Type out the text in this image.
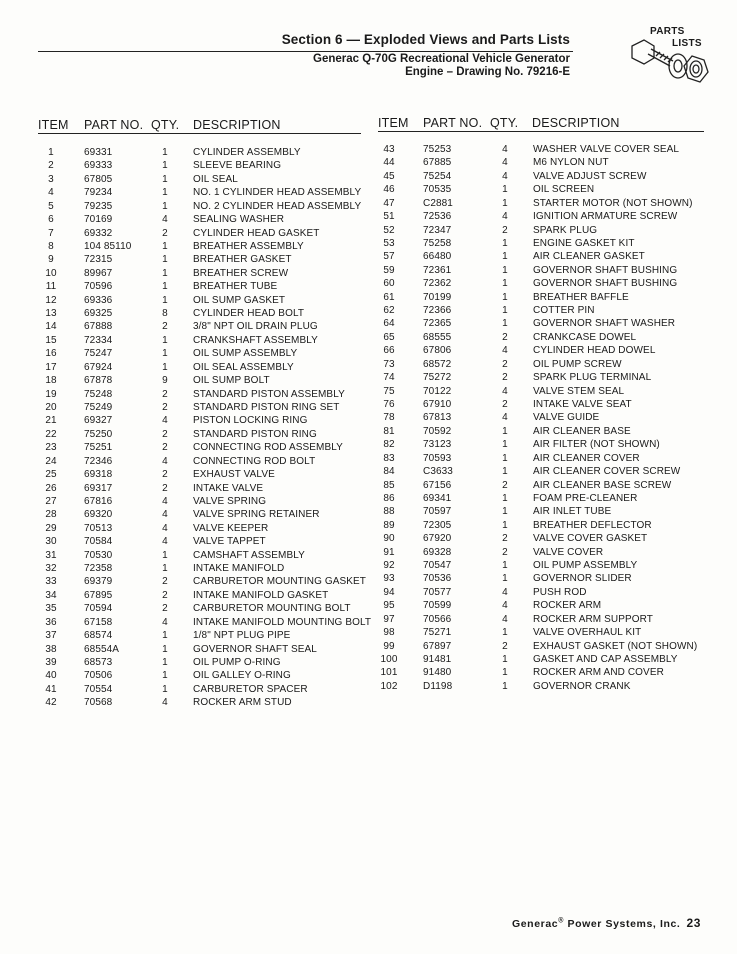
Section 6 — Exploded Views and Parts Lists
Generac Q-70G Recreational Vehicle Generator
Engine – Drawing No. 79216-E
PARTS
LISTS
ITEM PART NO. QTY. DESCRIPTION	ITEM PART NO. QTY. DESCRIPTION
1	69331	1	CYLINDER ASSEMBLY
2	69333	1	SLEEVE BEARING
3	67805	1	OIL SEAL
4	79234	1	NO. 1 CYLINDER HEAD ASSEMBLY
5	79235	1	NO. 2 CYLINDER HEAD ASSEMBLY
6	70169	4	SEALING WASHER
7	69332	2	CYLINDER HEAD GASKET
8	104 85110	1	BREATHER ASSEMBLY
9	72315	1	BREATHER GASKET
10	89967	1	BREATHER SCREW
11	70596	1	BREATHER TUBE
12	69336	1	OIL SUMP GASKET
13	69325	8	CYLINDER HEAD BOLT
14	67888	2	3/8" NPT OIL DRAIN PLUG
15	72334	1	CRANKSHAFT ASSEMBLY
16	75247	1	OIL SUMP ASSEMBLY
17	67924	1	OIL SEAL ASSEMBLY
18	67878	9	OIL SUMP BOLT
19	75248	2	STANDARD PISTON ASSEMBLY
20	75249	2	STANDARD PISTON RING SET
21	69327	4	PISTON LOCKING RING
22	75250	2	STANDARD PISTON RING
23	75251	2	CONNECTING ROD ASSEMBLY
24	72346	4	CONNECTING ROD BOLT
25	69318	2	EXHAUST VALVE
26	69317	2	INTAKE VALVE
27	67816	4	VALVE SPRING
28	69320	4	VALVE SPRING RETAINER
29	70513	4	VALVE KEEPER
30	70584	4	VALVE TAPPET
31	70530	1	CAMSHAFT ASSEMBLY
32	72358	1	INTAKE MANIFOLD
33	69379	2	CARBURETOR MOUNTING GASKET
34	67895	2	INTAKE MANIFOLD GASKET
35	70594	2	CARBURETOR MOUNTING BOLT
36	67158	4	INTAKE MANIFOLD MOUNTING BOLT
37	68574	1	1/8" NPT PLUG PIPE
38	68554A	1	GOVERNOR SHAFT SEAL
39	68573	1	OIL PUMP O-RING
40	70506	1	OIL GALLEY O-RING
41	70554	1	CARBURETOR SPACER
42	70568	4	ROCKER ARM STUD
43	75253	4	WASHER VALVE COVER SEAL
44	67885	4	M6 NYLON NUT
45	75254	4	VALVE ADJUST SCREW
46	70535	1	OIL SCREEN
47	C2881	1	STARTER MOTOR (NOT SHOWN)
51	72536	4	IGNITION ARMATURE SCREW
52	72347	2	SPARK PLUG
53	75258	1	ENGINE GASKET KIT
57	66480	1	AIR CLEANER GASKET
59	72361	1	GOVERNOR SHAFT BUSHING
60	72362	1	GOVERNOR SHAFT BUSHING
61	70199	1	BREATHER BAFFLE
62	72366	1	COTTER PIN
64	72365	1	GOVERNOR SHAFT WASHER
65	68555	2	CRANKCASE DOWEL
66	67806	4	CYLINDER HEAD DOWEL
73	68572	2	OIL PUMP SCREW
74	75272	2	SPARK PLUG TERMINAL
75	70122	4	VALVE STEM SEAL
76	67910	2	INTAKE VALVE SEAT
78	67813	4	VALVE GUIDE
81	70592	1	AIR CLEANER BASE
82	73123	1	AIR FILTER (NOT SHOWN)
83	70593	1	AIR CLEANER COVER
84	C3633	1	AIR CLEANER COVER SCREW
85	67156	2	AIR CLEANER BASE SCREW
86	69341	1	FOAM PRE-CLEANER
88	70597	1	AIR INLET TUBE
89	72305	1	BREATHER DEFLECTOR
90	67920	2	VALVE COVER GASKET
91	69328	2	VALVE COVER
92	70547	1	OIL PUMP ASSEMBLY
93	70536	1	GOVERNOR SLIDER
94	70577	4	PUSH ROD
95	70599	4	ROCKER ARM
97	70566	4	ROCKER ARM SUPPORT
98	75271	1	VALVE OVERHAUL KIT
99	67897	2	EXHAUST GASKET (NOT SHOWN)
100	91481	1	GASKET AND CAP ASSEMBLY
101	91480	1	ROCKER ARM AND COVER
102	D1198	1	GOVERNOR CRANK
Generac® Power Systems, Inc. 23
